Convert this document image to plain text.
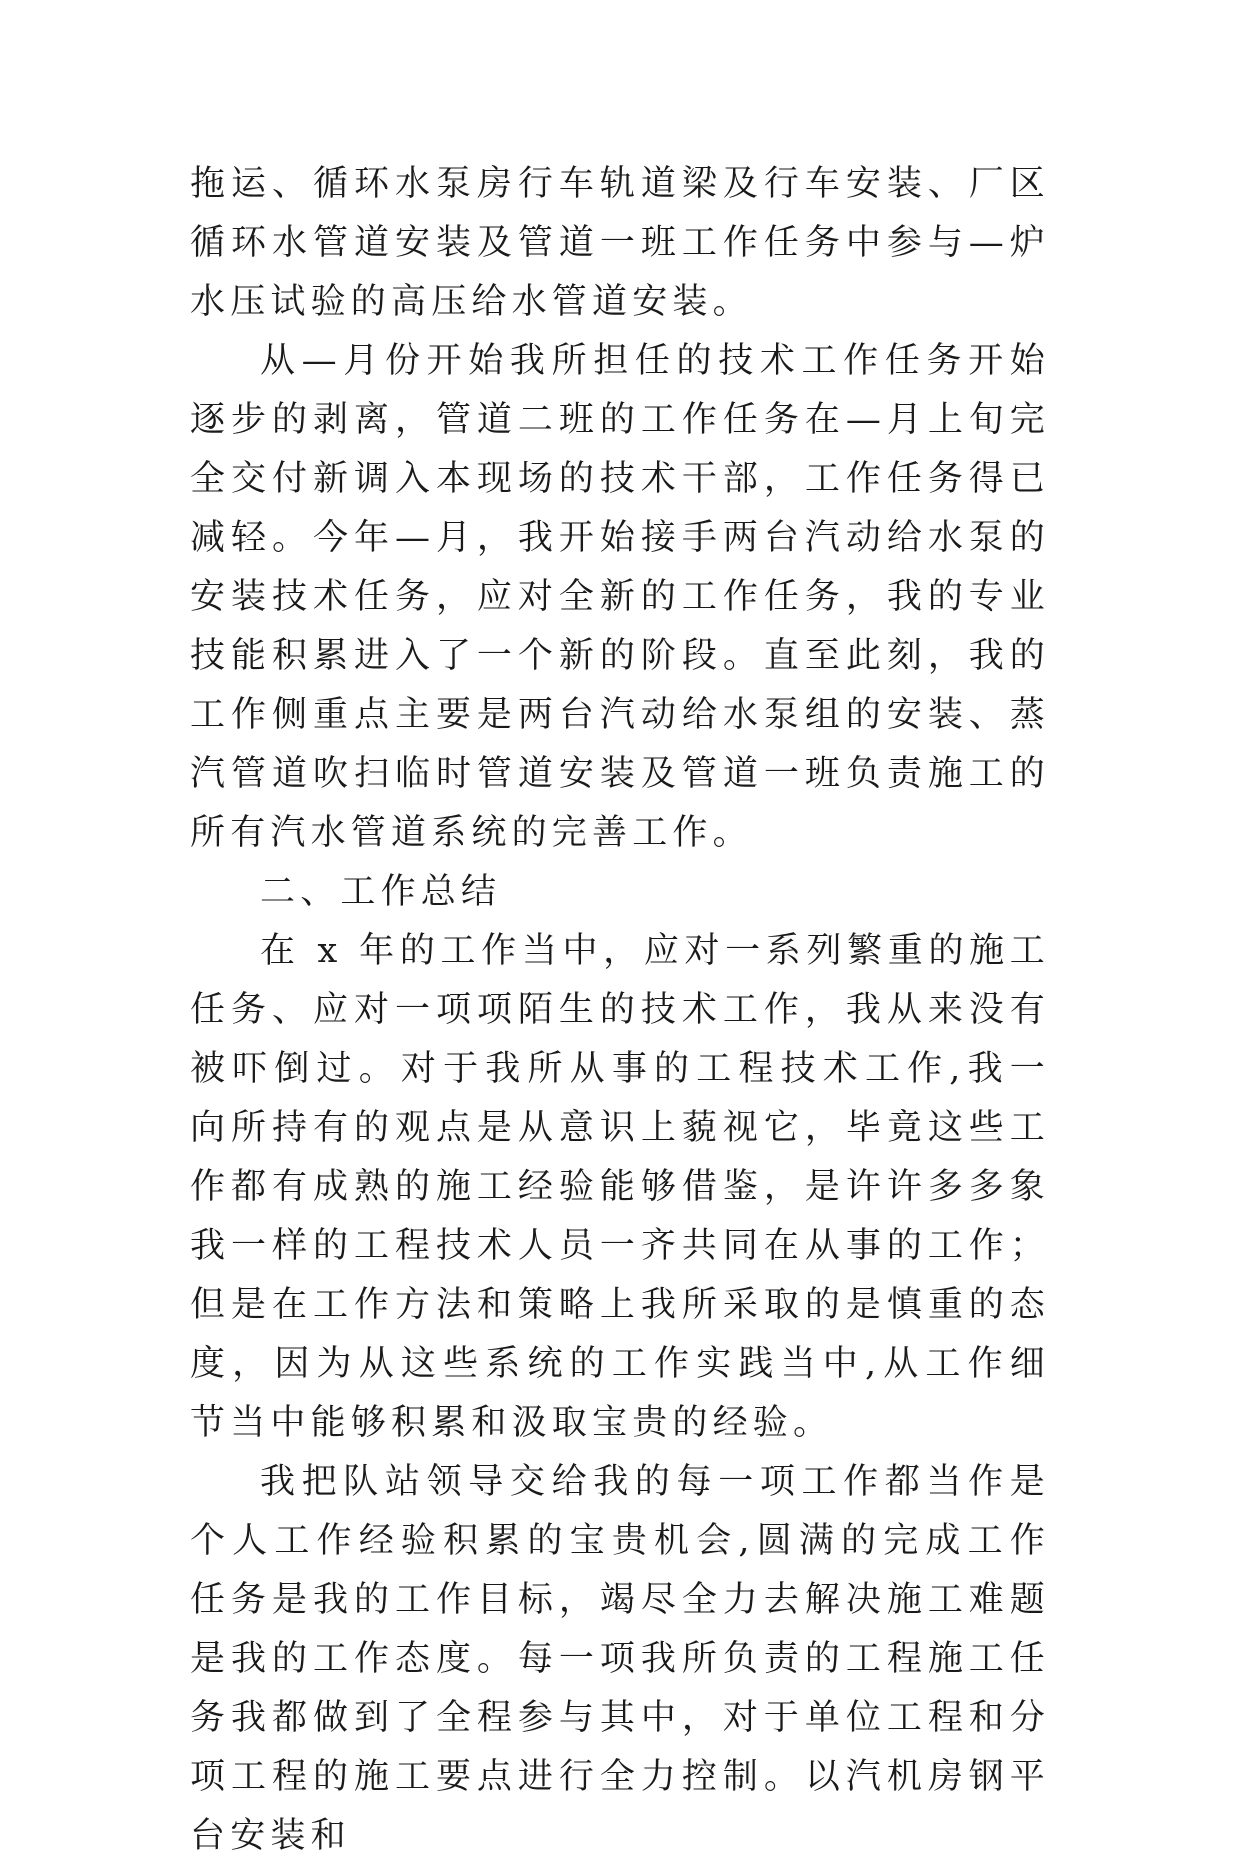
拖运、循环水泵房行车轨道梁及行车安装、厂区循环水管道安装及管道一班工作任务中参与—炉水压试验的高压给水管道安装。

从—月份开始我所担任的技术工作任务开始逐步的剥离，管道二班的工作任务在—月上旬完全交付新调入本现场的技术干部，工作任务得已减轻。今年—月，我开始接手两台汽动给水泵的安装技术任务，应对全新的工作任务，我的专业技能积累进入了一个新的阶段。直至此刻，我的工作侧重点主要是两台汽动给水泵组的安装、蒸汽管道吹扫临时管道安装及管道一班负责施工的所有汽水管道系统的完善工作。

二、工作总结

在 x 年的工作当中，应对一系列繁重的施工任务、应对一项项陌生的技术工作，我从来没有被吓倒过。对于我所从事的工程技术工作,我一向所持有的观点是从意识上藐视它，毕竟这些工作都有成熟的施工经验能够借鉴，是许许多多象我一样的工程技术人员一齐共同在从事的工作；但是在工作方法和策略上我所采取的是慎重的态度，因为从这些系统的工作实践当中,从工作细节当中能够积累和汲取宝贵的经验。

我把队站领导交给我的每一项工作都当作是个人工作经验积累的宝贵机会,圆满的完成工作任务是我的工作目标，竭尽全力去解决施工难题是我的工作态度。每一项我所负责的工程施工任务我都做到了全程参与其中，对于单位工程和分项工程的施工要点进行全力控制。以汽机房钢平台安装和
